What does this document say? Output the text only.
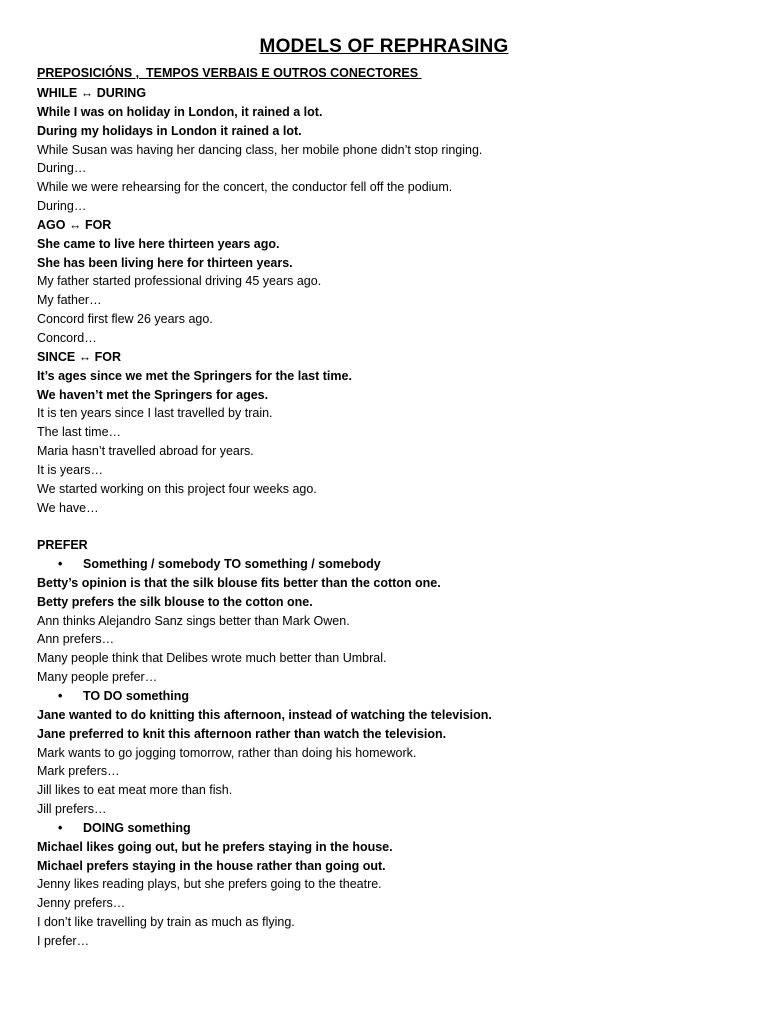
MODELS OF REPHRASING
PREPOSICIÓNS ,  TEMPOS VERBAIS E OUTROS CONECTORES
WHILE ↔ DURING
While I was on holiday in London, it rained a lot.
During my holidays in London it rained a lot.
While Susan was having her dancing class, her mobile phone didn’t stop ringing.
During…
While we were rehearsing for the concert, the conductor fell off the podium.
During…
AGO ↔ FOR
She came to live here thirteen years ago.
She has been living here for thirteen years.
My father started professional driving 45 years ago.
My father…
Concord first flew 26 years ago.
Concord…
SINCE ↔ FOR
It’s ages since we met the Springers for the last time.
We haven’t met the Springers for ages.
It is ten years since I last travelled by train.
The last time…
Maria hasn’t travelled abroad for years.
It is years…
We started working on this project four weeks ago.
We have…
PREFER
• Something / somebody TO something / somebody
Betty’s opinion is that the silk blouse fits better than the cotton one.
Betty prefers the silk blouse to the cotton one.
Ann thinks Alejandro Sanz sings better than Mark Owen.
Ann prefers…
Many people think that Delibes wrote much better than Umbral.
Many people prefer…
• TO DO something
Jane wanted to do knitting this afternoon, instead of watching the television.
Jane preferred to knit this afternoon rather than watch the television.
Mark wants to go jogging tomorrow, rather than doing his homework.
Mark prefers…
Jill likes to eat meat more than fish.
Jill prefers…
• DOING something
Michael likes going out, but he prefers staying in the house.
Michael prefers staying in the house rather than going out.
Jenny likes reading plays, but she prefers going to the theatre.
Jenny prefers…
I don’t like travelling by train as much as flying.
I prefer…
